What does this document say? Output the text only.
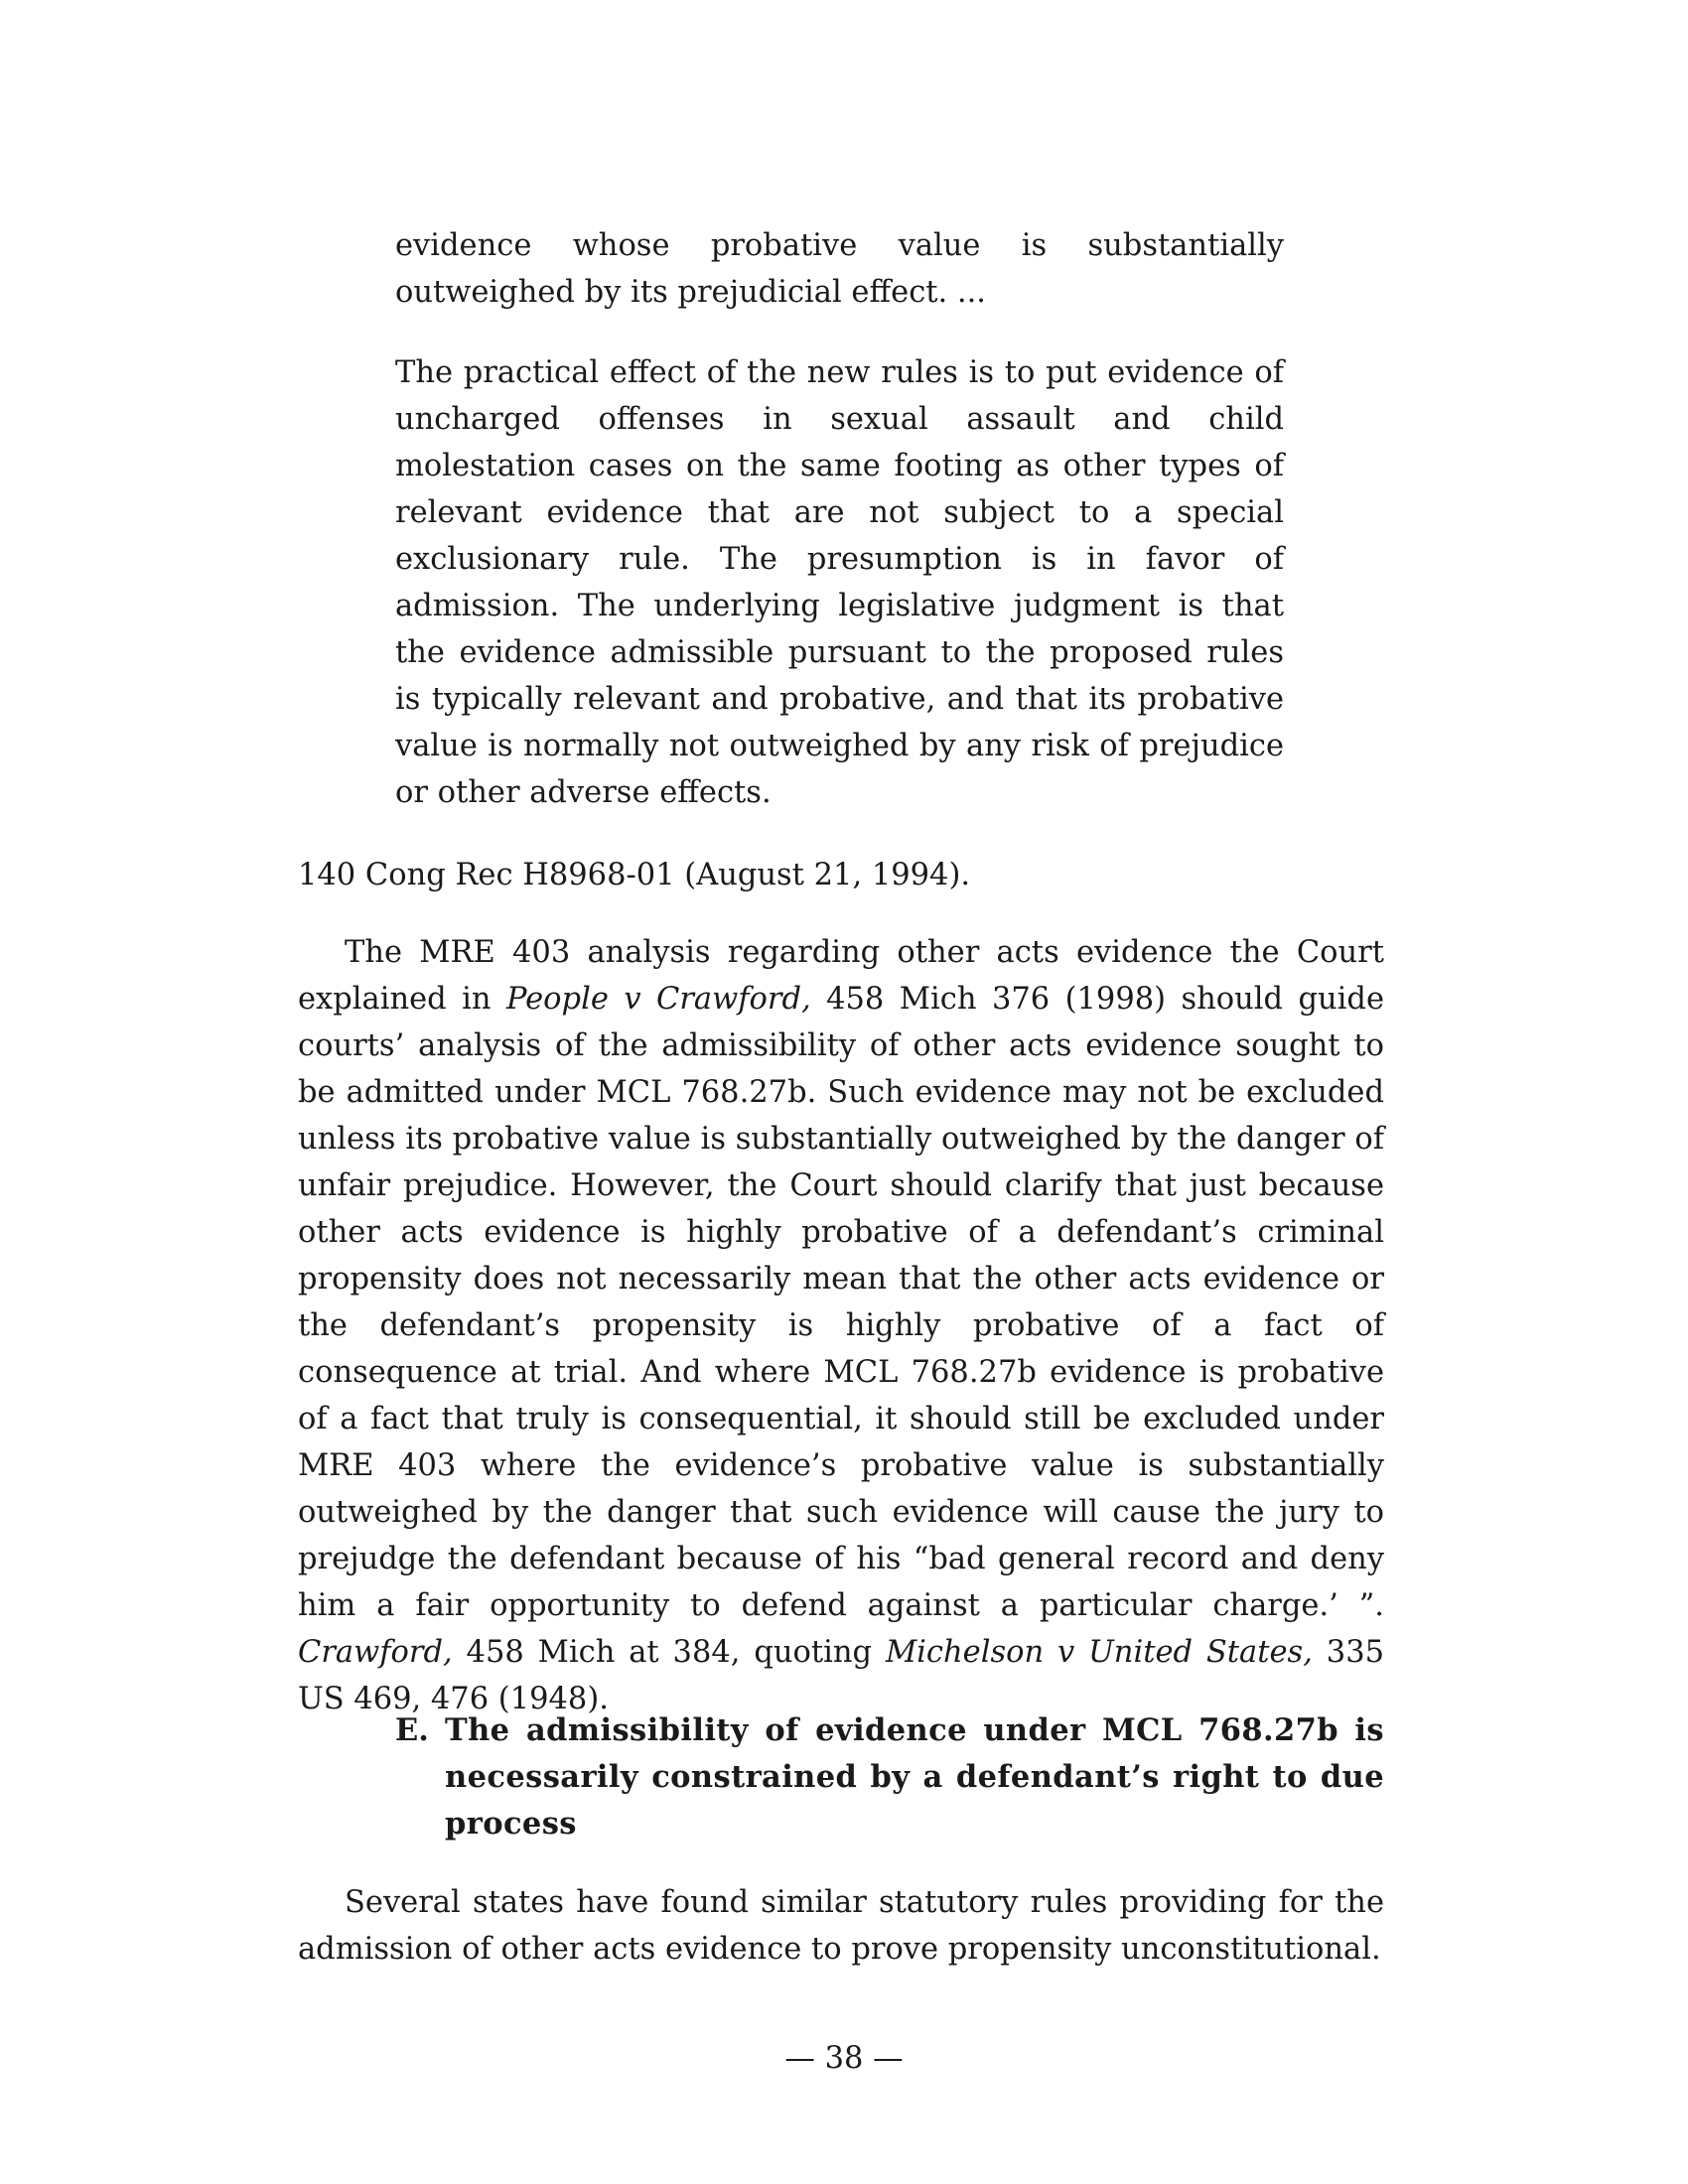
evidence whose probative value is substantially outweighed by its prejudicial effect. ...

The practical effect of the new rules is to put evidence of uncharged offenses in sexual assault and child molestation cases on the same footing as other types of relevant evidence that are not subject to a special exclusionary rule. The presumption is in favor of admission. The underlying legislative judgment is that the evidence admissible pursuant to the proposed rules is typically relevant and probative, and that its probative value is normally not outweighed by any risk of prejudice or other adverse effects.

140 Cong Rec H8968-01 (August 21, 1994).

The MRE 403 analysis regarding other acts evidence the Court explained in People v Crawford, 458 Mich 376 (1998) should guide courts’ analysis of the admissibility of other acts evidence sought to be admitted under MCL 768.27b. Such evidence may not be excluded unless its probative value is substantially outweighed by the danger of unfair prejudice. However, the Court should clarify that just because other acts evidence is highly probative of a defendant’s criminal propensity does not necessarily mean that the other acts evidence or the defendant’s propensity is highly probative of a fact of consequence at trial. And where MCL 768.27b evidence is probative of a fact that truly is consequential, it should still be excluded under MRE 403 where the evidence’s probative value is substantially outweighed by the danger that such evidence will cause the jury to prejudge the defendant because of his “bad general record and deny him a fair opportunity to defend against a particular charge.’ ”. Crawford, 458 Mich at 384, quoting Michelson v United States, 335 US 469, 476 (1948).

E. The admissibility of evidence under MCL 768.27b is necessarily constrained by a defendant’s right to due process

Several states have found similar statutory rules providing for the admission of other acts evidence to prove propensity unconstitutional.

— 38 —
